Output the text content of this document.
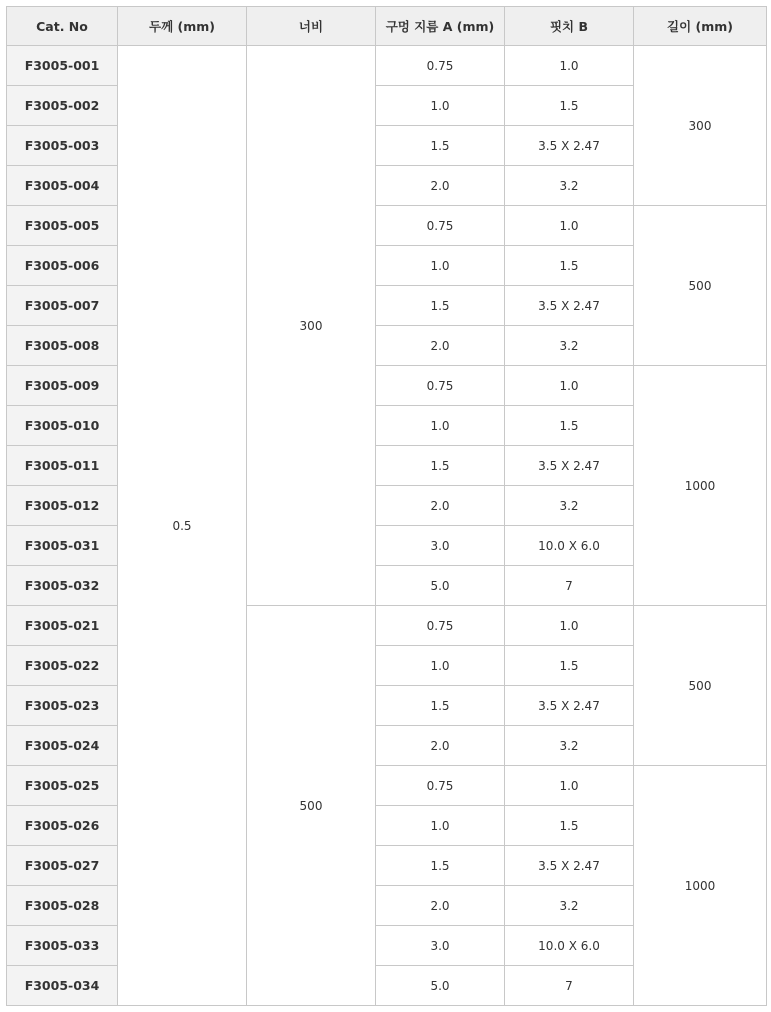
Cat. No	두께 (mm)	너비	구멍 지름 A (mm)	핏치 B	길이 (mm)
F3005-001	0.5	300	0.75	1.0	300
F3005-002			1.0	1.5	
F3005-003			1.5	3.5 X 2.47	
F3005-004			2.0	3.2	
F3005-005			0.75	1.0	500
F3005-006			1.0	1.5	
F3005-007			1.5	3.5 X 2.47	
F3005-008			2.0	3.2	
F3005-009			0.75	1.0	1000
F3005-010			1.0	1.5	
F3005-011			1.5	3.5 X 2.47	
F3005-012			2.0	3.2	
F3005-031			3.0	10.0 X 6.0	
F3005-032			5.0	7	
F3005-021		500	0.75	1.0	500
F3005-022			1.0	1.5	
F3005-023			1.5	3.5 X 2.47	
F3005-024			2.0	3.2	
F3005-025			0.75	1.0	1000
F3005-026			1.0	1.5	
F3005-027			1.5	3.5 X 2.47	
F3005-028			2.0	3.2	
F3005-033			3.0	10.0 X 6.0	
F3005-034			5.0	7	
